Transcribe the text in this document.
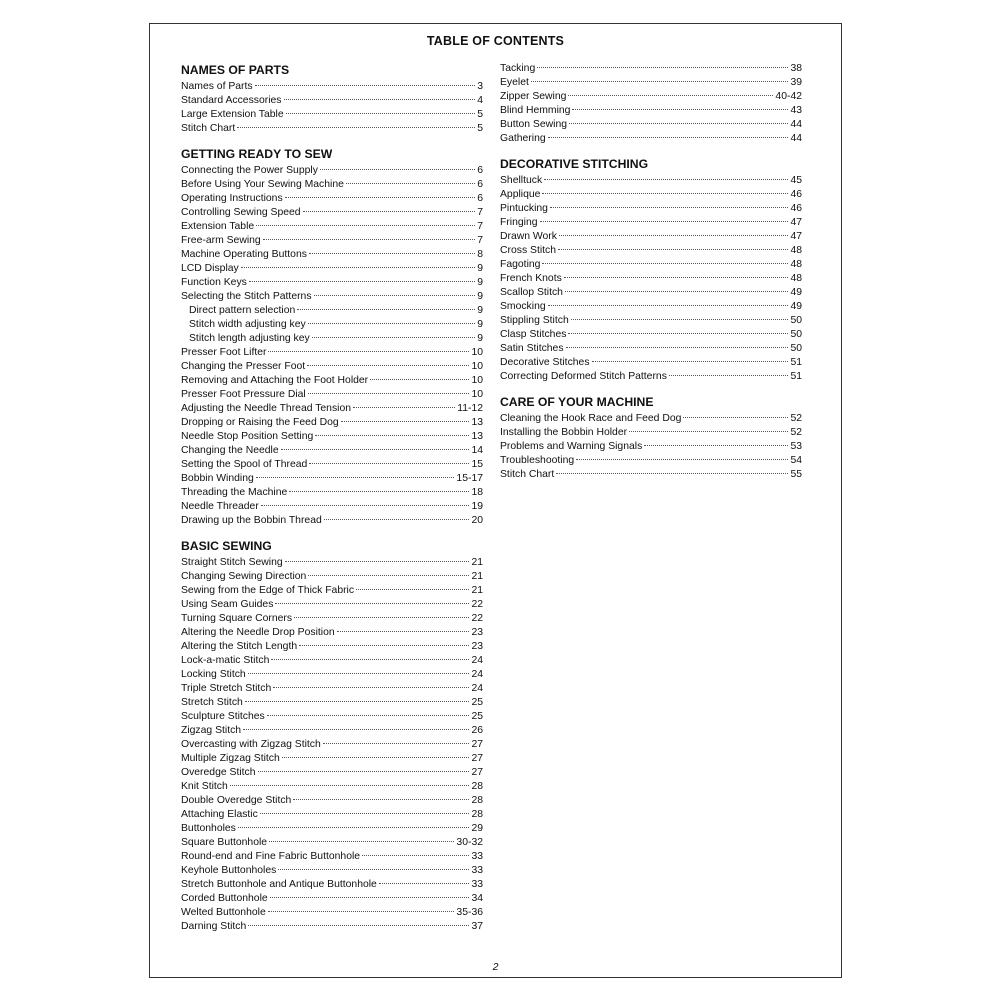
TABLE OF CONTENTS
NAMES OF PARTS
Names of Parts	3
Standard Accessories	4
Large Extension Table	5
Stitch Chart	5
GETTING READY TO SEW
Connecting the Power Supply	6
Before Using Your Sewing Machine	6
Operating Instructions	6
Controlling Sewing Speed	7
Extension Table	7
Free-arm Sewing	7
Machine Operating Buttons	8
LCD Display	9
Function Keys	9
Selecting the Stitch Patterns	9
Direct pattern selection	9
Stitch width adjusting key	9
Stitch length adjusting key	9
Presser Foot Lifter	10
Changing the Presser Foot	10
Removing and Attaching the Foot Holder	10
Presser Foot Pressure Dial	10
Adjusting the Needle Thread Tension	11-12
Dropping or Raising the Feed Dog	13
Needle Stop Position Setting	13
Changing the Needle	14
Setting the Spool of Thread	15
Bobbin Winding	15-17
Threading the Machine	18
Needle Threader	19
Drawing up the Bobbin Thread	20
BASIC SEWING
Straight Stitch Sewing	21
Changing Sewing Direction	21
Sewing from the Edge of Thick Fabric	21
Using Seam Guides	22
Turning Square Corners	22
Altering the Needle Drop Position	23
Altering the Stitch Length	23
Lock-a-matic Stitch	24
Locking Stitch	24
Triple Stretch Stitch	24
Stretch Stitch	25
Sculpture Stitches	25
Zigzag Stitch	26
Overcasting with Zigzag Stitch	27
Multiple Zigzag Stitch	27
Overedge Stitch	27
Knit Stitch	28
Double Overedge Stitch	28
Attaching Elastic	28
Buttonholes	29
Square Buttonhole	30-32
Round-end and Fine Fabric Buttonhole	33
Keyhole Buttonholes	33
Stretch Buttonhole and Antique Buttonhole	33
Corded Buttonhole	34
Welted Buttonhole	35-36
Darning Stitch	37
Tacking	38
Eyelet	39
Zipper Sewing	40-42
Blind Hemming	43
Button Sewing	44
Gathering	44
DECORATIVE STITCHING
Shelltuck	45
Applique	46
Pintucking	46
Fringing	47
Drawn Work	47
Cross Stitch	48
Fagoting	48
French Knots	48
Scallop Stitch	49
Smocking	49
Stippling Stitch	50
Clasp Stitches	50
Satin Stitches	50
Decorative Stitches	51
Correcting Deformed Stitch Patterns	51
CARE OF YOUR MACHINE
Cleaning the Hook Race and Feed Dog	52
Installing the Bobbin Holder	52
Problems and Warning Signals	53
Troubleshooting	54
Stitch Chart	55
2
